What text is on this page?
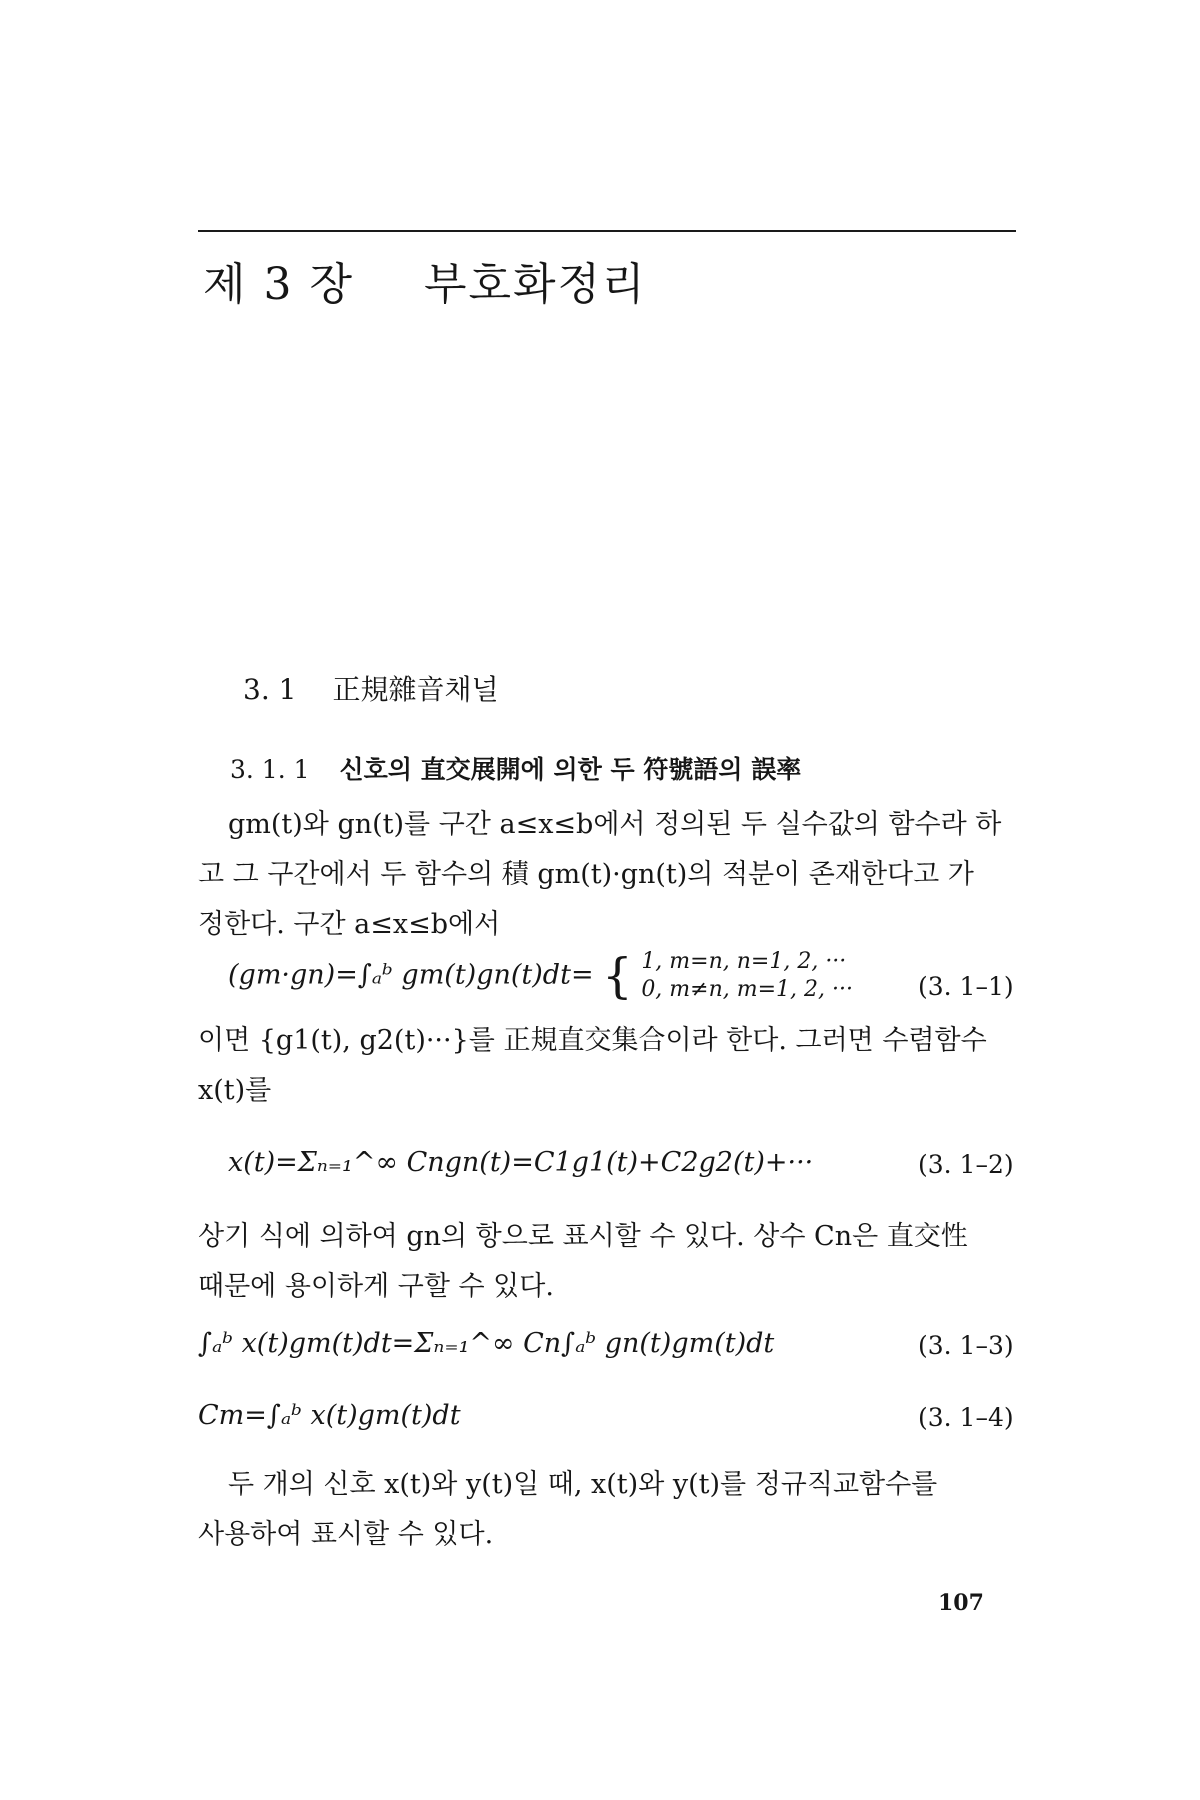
제 3 장 부호화정리
3. 1 正規雜音채널
3. 1. 1 신호의 直交展開에 의한 두 符號語의 誤率
gm(t)와 gn(t)를 구간 a≤x≤b에서 정의된 두 실수값의 함수라 하
고 그 구간에서 두 함수의 積 gm(t)·gn(t)의 적분이 존재한다고 가
정한다. 구간 a≤x≤b에서
(gm·gn)=∫ₐᵇ gm(t)gn(t)dt= { 1, m=n, n=1, 2, ···
0, m≠n, m=1, 2, ···	(3. 1–1)
이면 {g1(t), g2(t)···}를 正規直交集合이라 한다. 그러면 수렴함수
x(t)를
x(t)=Σₙ₌₁^∞ Cngn(t)=C1g1(t)+C2g2(t)+···	(3. 1–2)
상기 식에 의하여 gn의 항으로 표시할 수 있다. 상수 Cn은 直交性
때문에 용이하게 구할 수 있다.
∫ₐᵇ x(t)gm(t)dt=Σₙ₌₁^∞ Cn∫ₐᵇ gn(t)gm(t)dt	(3. 1–3)
Cm=∫ₐᵇ x(t)gm(t)dt	(3. 1–4)
두 개의 신호 x(t)와 y(t)일 때, x(t)와 y(t)를 정규직교함수를
사용하여 표시할 수 있다.
107
